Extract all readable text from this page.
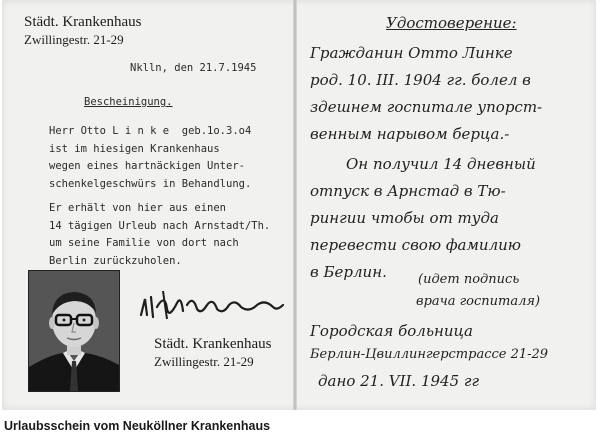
Städt. Krankenhaus
Zwillingestr. 21-29
Nklln, den 21.7.1945
Bescheinigung.
Herr Otto L i n k e  geb.1o.3.o4
ist im hiesigen Krankenhaus
wegen eines hartnäckigen Unter-
schenkelgeschwürs in Behandlung.
Er erhält von hier aus einen
14 tägigen Urleub nach Arnstadt/Th.
um seine Familie von dort nach
Berlin zurückzuholen.
Städt. Krankenhaus
Zwillingestr. 21-29
Удостоверение:
Гражданин Отто Линке
род. 10. III. 1904 гг. болел в
здешнем госпитале упорст-
венным нарывом берца.-
Он получил 14 дневный
отпуск в Арнстад в Тю-
рингии чтобы от туда
перевести свою фамилию
в Берлин. (идет подпись
врача госпиталя)
Городская больница
Берлин-Цвиллингерстрассе 21-29
дано 21. VII. 1945 гг
Urlaubsschein vom Neuköllner Krankenhaus
